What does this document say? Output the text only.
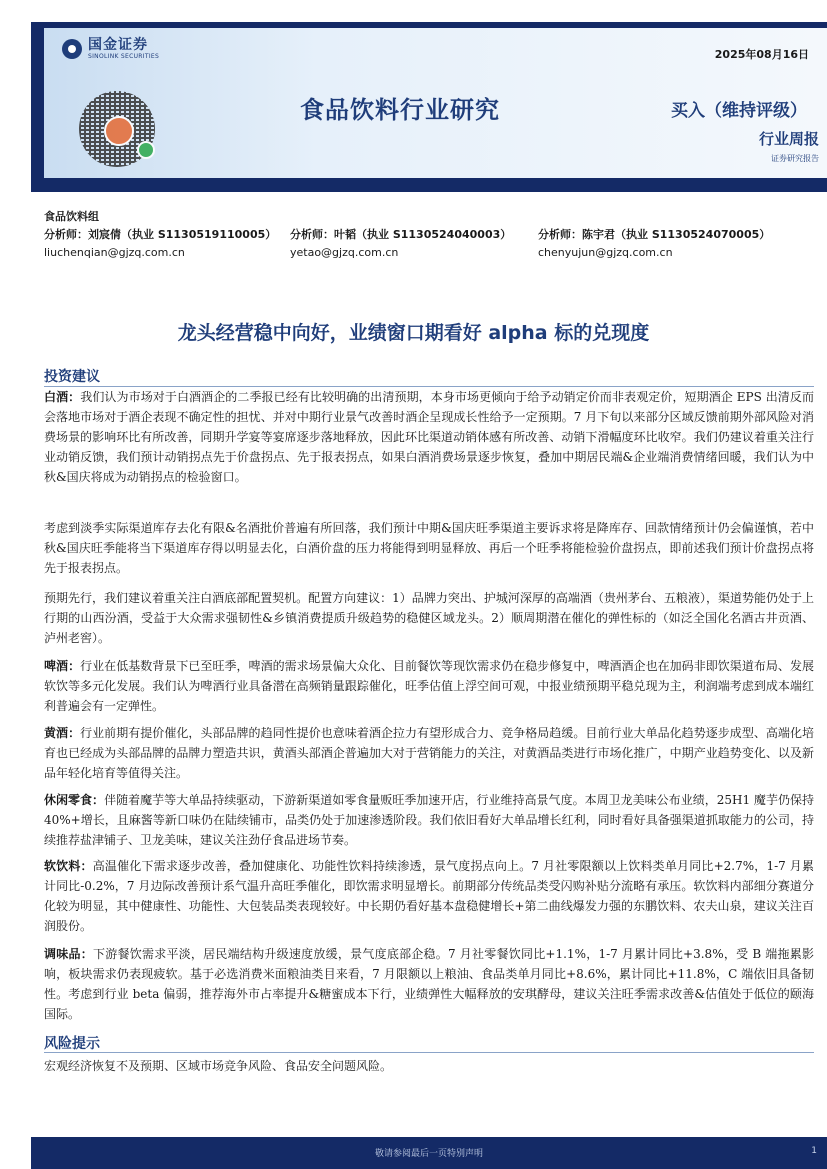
国金证券
SINOLINK SECURITIES	2025年08月16日
食品饮料行业研究	买入（维持评级）
行业周报
证券研究报告
食品饮料组
分析师：刘宸倩（执业 S1130519110005）
liuchenqian@gjzq.com.cn
分析师：叶韬（执业 S1130524040003）
yetao@gjzq.com.cn
分析师：陈宇君（执业 S1130524070005）
chenyujun@gjzq.com.cn
龙头经营稳中向好，业绩窗口期看好 alpha 标的兑现度
投资建议

白酒：我们认为市场对于白酒酒企的二季报已经有比较明确的出清预期，本身市场更倾向于给予动销定价而非表观定价，短期酒企 EPS 出清反而会落地市场对于酒企表现不确定性的担忧、并对中期行业景气改善时酒企呈现成长性给予一定预期。7 月下旬以来部分区域反馈前期外部风险对消费场景的影响环比有所改善，同期升学宴等宴席逐步落地释放，因此环比渠道动销体感有所改善、动销下滑幅度环比收窄。我们仍建议着重关注行业动销反馈，我们预计动销拐点先于价盘拐点、先于报表拐点，如果白酒消费场景逐步恢复，叠加中期居民端&企业端消费情绪回暖，我们认为中秋&国庆将成为动销拐点的检验窗口。

考虑到淡季实际渠道库存去化有限&名酒批价普遍有所回落，我们预计中期&国庆旺季渠道主要诉求将是降库存、回款情绪预计仍会偏谨慎，若中秋&国庆旺季能将当下渠道库存得以明显去化，白酒价盘的压力将能得到明显释放、再后一个旺季将能检验价盘拐点，即前述我们预计价盘拐点将先于报表拐点。

预期先行，我们建议着重关注白酒底部配置契机。配置方向建议：1）品牌力突出、护城河深厚的高端酒（贵州茅台、五粮液），渠道势能仍处于上行期的山西汾酒，受益于大众需求强韧性&乡镇消费提质升级趋势的稳健区域龙头。2）顺周期潜在催化的弹性标的（如泛全国化名酒古井贡酒、泸州老窖）。

啤酒：行业在低基数背景下已至旺季，啤酒的需求场景偏大众化、目前餐饮等现饮需求仍在稳步修复中，啤酒酒企也在加码非即饮渠道布局、发展软饮等多元化发展。我们认为啤酒行业具备潜在高频销量跟踪催化，旺季估值上浮空间可观，中报业绩预期平稳兑现为主，利润端考虑到成本端红利普遍会有一定弹性。

黄酒：行业前期有提价催化，头部品牌的趋同性提价也意味着酒企拉力有望形成合力、竞争格局趋缓。目前行业大单品化趋势逐步成型、高端化培育也已经成为头部品牌的品牌力塑造共识，黄酒头部酒企普遍加大对于营销能力的关注，对黄酒品类进行市场化推广，中期产业趋势变化、以及新品年轻化培育等值得关注。

休闲零食：伴随着魔芋等大单品持续驱动，下游新渠道如零食量贩旺季加速开店，行业维持高景气度。本周卫龙美味公布业绩，25H1 魔芋仍保持 40%+增长，且麻酱等新口味仍在陆续铺市，品类仍处于加速渗透阶段。我们依旧看好大单品增长红利，同时看好具备强渠道抓取能力的公司，持续推荐盐津铺子、卫龙美味，建议关注劲仔食品进场节奏。

软饮料：高温催化下需求逐步改善，叠加健康化、功能性饮料持续渗透，景气度拐点向上。7 月社零限额以上饮料类单月同比+2.7%，1-7 月累计同比-0.2%，7 月边际改善预计系气温升高旺季催化，即饮需求明显增长。前期部分传统品类受闪购补贴分流略有承压。软饮料内部细分赛道分化较为明显，其中健康性、功能性、大包装品类表现较好。中长期仍看好基本盘稳健增长+第二曲线爆发力强的东鹏饮料、农夫山泉，建议关注百润股份。

调味品：下游餐饮需求平淡，居民端结构升级速度放缓，景气度底部企稳。7 月社零餐饮同比+1.1%，1-7 月累计同比+3.8%，受 B 端拖累影响，板块需求仍表现疲软。基于必选消费米面粮油类目来看，7 月限额以上粮油、食品类单月同比+8.6%，累计同比+11.8%，C 端依旧具备韧性。考虑到行业 beta 偏弱，推荐海外市占率提升&糖蜜成本下行，业绩弹性大幅释放的安琪酵母，建议关注旺季需求改善&估值处于低位的颐海国际。

风险提示

宏观经济恢复不及预期、区域市场竞争风险、食品安全问题风险。

敬请参阅最后一页特别声明	1
